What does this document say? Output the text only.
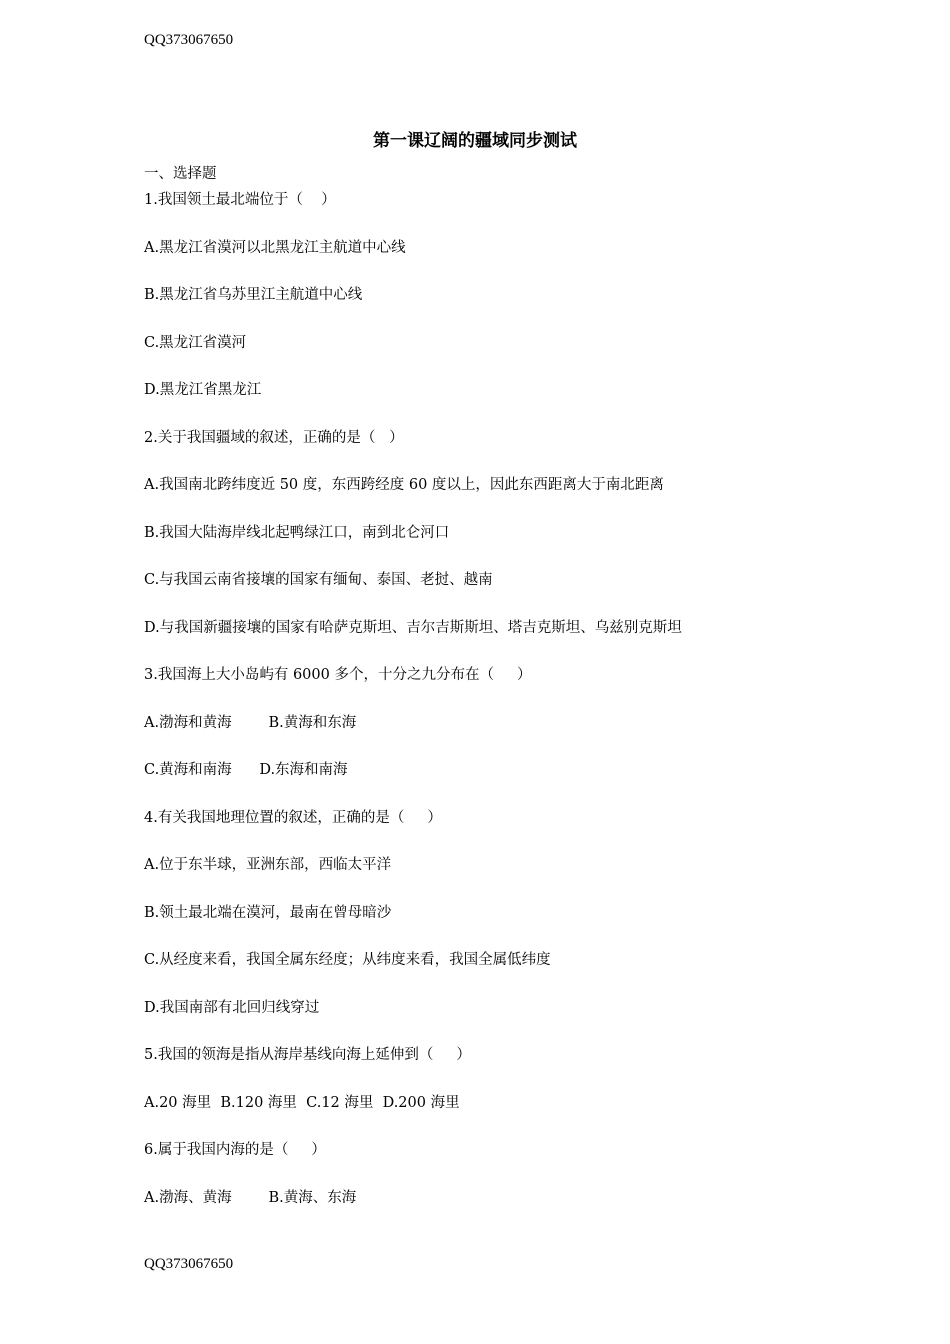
QQ373067650
第一课辽阔的疆域同步测试
一、选择题
1.我国领土最北端位于（    ）
A.黑龙江省漠河以北黑龙江主航道中心线
B.黑龙江省乌苏里江主航道中心线
C.黑龙江省漠河
D.黑龙江省黑龙江
2.关于我国疆域的叙述，正确的是（   ）
A.我国南北跨纬度近 50 度，东西跨经度 60 度以上，因此东西距离大于南北距离
B.我国大陆海岸线北起鸭绿江口，南到北仑河口
C.与我国云南省接壤的国家有缅甸、泰国、老挝、越南
D.与我国新疆接壤的国家有哈萨克斯坦、吉尔吉斯斯坦、塔吉克斯坦、乌兹别克斯坦
3.我国海上大小岛屿有 6000 多个，十分之九分布在（     ）
A.渤海和黄海        B.黄海和东海
C.黄海和南海      D.东海和南海
4.有关我国地理位置的叙述，正确的是（     ）
A.位于东半球，亚洲东部，西临太平洋
B.领土最北端在漠河，最南在曾母暗沙
C.从经度来看，我国全属东经度；从纬度来看，我国全属低纬度
D.我国南部有北回归线穿过
5.我国的领海是指从海岸基线向海上延伸到（     ）
A.20 海里  B.120 海里  C.12 海里  D.200 海里
6.属于我国内海的是（     ）
A.渤海、黄海        B.黄海、东海
QQ373067650
